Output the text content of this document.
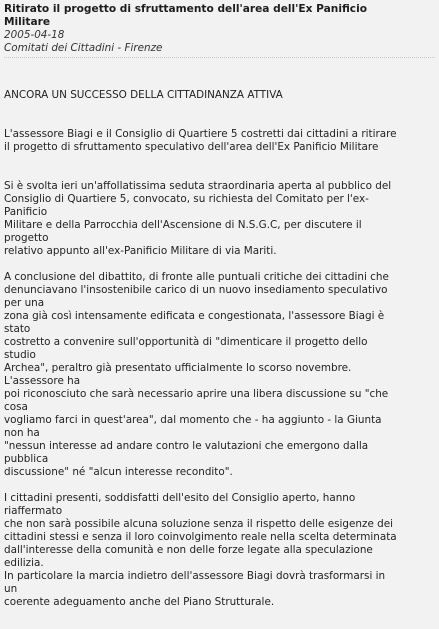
Ritirato il progetto di sfruttamento dell'area dell'Ex Panificio
Militare
2005-04-18
Comitati dei Cittadini - Firenze
ANCORA UN SUCCESSO DELLA CITTADINANZA ATTIVA
L'assessore Biagi e il Consiglio di Quartiere 5 costretti dai cittadini a ritirare
il progetto di sfruttamento speculativo dell'area dell'Ex Panificio Militare
Si è svolta ieri un'affollatissima seduta straordinaria aperta al pubblico del
Consiglio di Quartiere 5, convocato, su richiesta del Comitato per l'ex-
Panificio
Militare e della Parrocchia dell'Ascensione di N.S.G.C, per discutere il
progetto
relativo appunto all'ex-Panificio Militare di via Mariti.
A conclusione del dibattito, di fronte alle puntuali critiche dei cittadini che
denunciavano l'insostenibile carico di un nuovo insediamento speculativo
per una
zona già così intensamente edificata e congestionata, l'assessore Biagi è
stato
costretto a convenire sull'opportunità di "dimenticare il progetto dello
studio
Archea", peraltro già presentato ufficialmente lo scorso novembre.
L'assessore ha
poi riconosciuto che sarà necessario aprire una libera discussione su "che
cosa
vogliamo farci in quest'area", dal momento che - ha aggiunto - la Giunta
non ha
"nessun interesse ad andare contro le valutazioni che emergono dalla
pubblica
discussione" né "alcun interesse recondito".
I cittadini presenti, soddisfatti dell'esito del Consiglio aperto, hanno
riaffermato
che non sarà possibile alcuna soluzione senza il rispetto delle esigenze dei
cittadini stessi e senza il loro coinvolgimento reale nella scelta determinata
dall'interesse della comunità e non delle forze legate alla speculazione
edilizia.
In particolare la marcia indietro dell'assessore Biagi dovrà trasformarsi in
un
coerente adeguamento anche del Piano Strutturale.
